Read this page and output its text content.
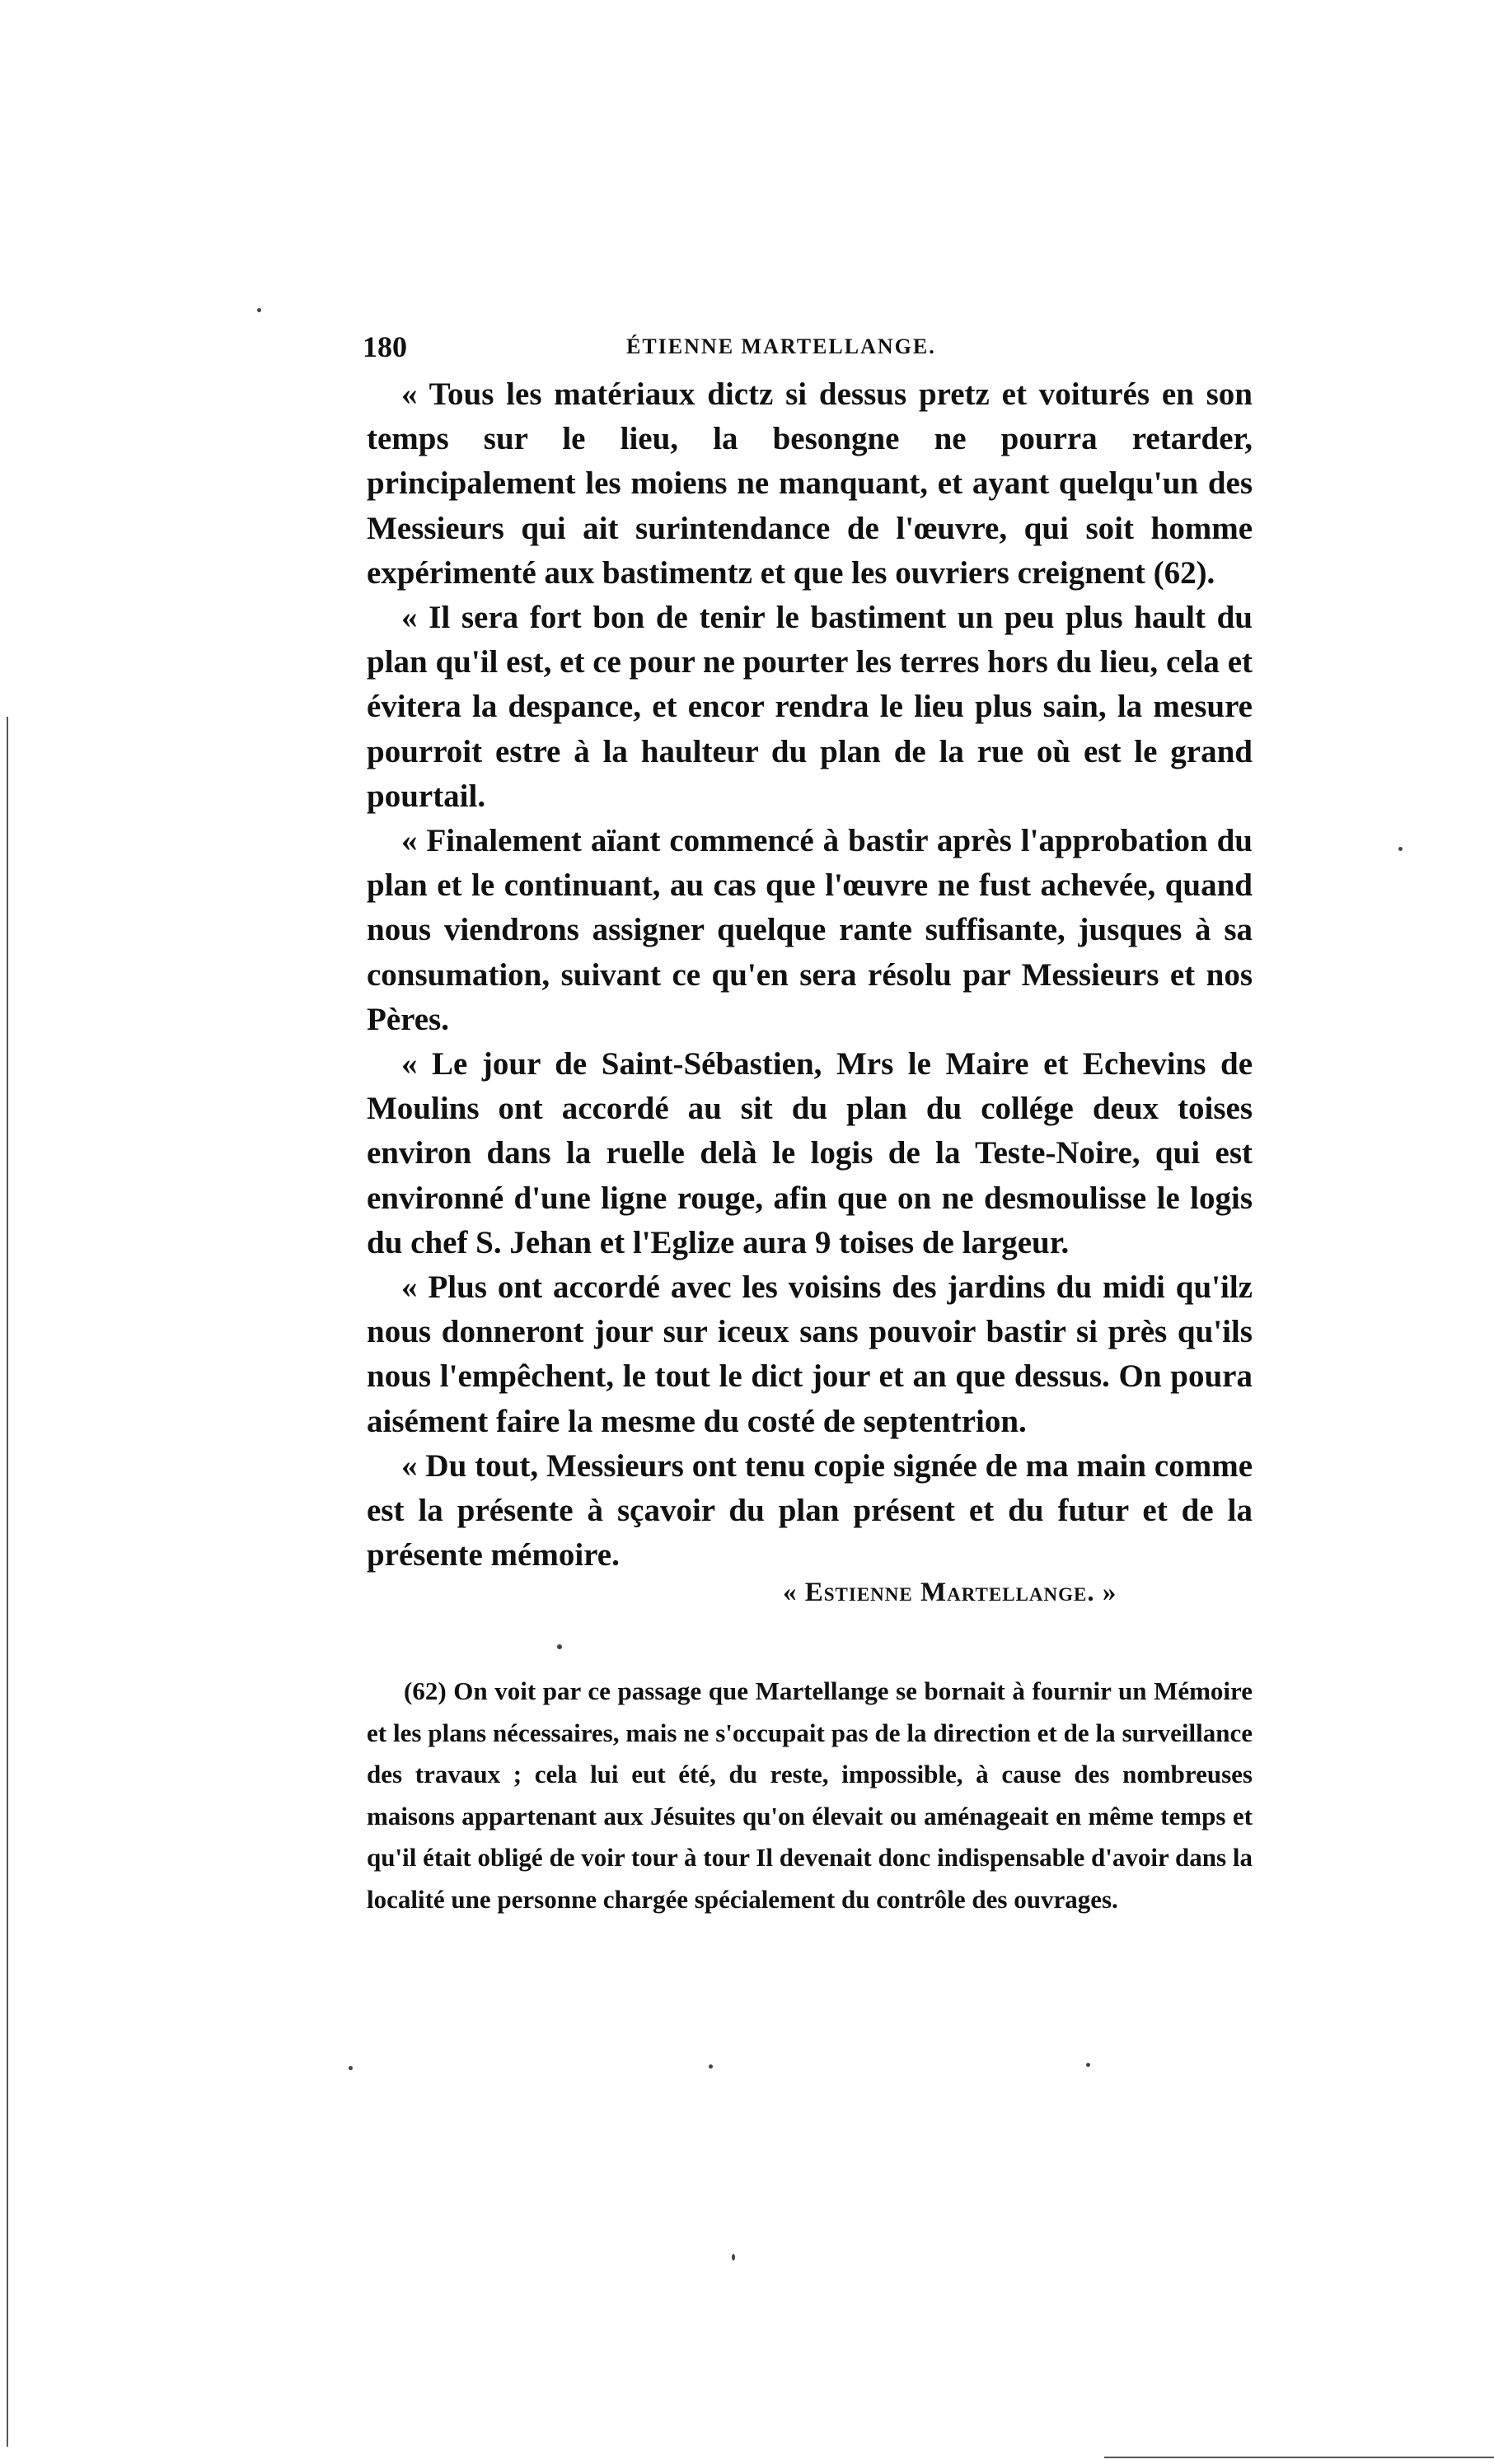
180	ÉTIENNE MARTELLANGE.

« Tous les matériaux dictz si dessus pretz et voiturés en son temps sur le lieu, la besongne ne pourra retarder, principalement les moiens ne manquant, et ayant quelqu'un des Messieurs qui ait surintendance de l'œuvre, qui soit homme expérimenté aux bastimentz et que les ouvriers creignent (62).

« Il sera fort bon de tenir le bastiment un peu plus hault du plan qu'il est, et ce pour ne pourter les terres hors du lieu, cela et évitera la despance, et encor rendra le lieu plus sain, la mesure pourroit estre à la haulteur du plan de la rue où est le grand pourtail.

« Finalement aïant commencé à bastir après l'approbation du plan et le continuant, au cas que l'œuvre ne fust achevée, quand nous viendrons assigner quelque rante suffisante, jusques à sa consumation, suivant ce qu'en sera résolu par Messieurs et nos Pères.

« Le jour de Saint-Sébastien, Mrs le Maire et Echevins de Moulins ont accordé au sit du plan du collége deux toises environ dans la ruelle delà le logis de la Teste-Noire, qui est environné d'une ligne rouge, afin que on ne desmoulisse le logis du chef S. Jehan et l'Eglize aura 9 toises de largeur.

« Plus ont accordé avec les voisins des jardins du midi qu'ilz nous donneront jour sur iceux sans pouvoir bastir si près qu'ils nous l'empêchent, le tout le dict jour et an que dessus. On poura aisément faire la mesme du costé de septentrion.

« Du tout, Messieurs ont tenu copie signée de ma main comme est la présente à sçavoir du plan présent et du futur et de la présente mémoire.

« Estienne Martellange. »

(62) On voit par ce passage que Martellange se bornait à fournir un Mémoire et les plans nécessaires, mais ne s'occupait pas de la direction et de la surveillance des travaux ; cela lui eut été, du reste, impossible, à cause des nombreuses maisons appartenant aux Jésuites qu'on élevait ou aménageait en même temps et qu'il était obligé de voir tour à tour Il devenait donc indispensable d'avoir dans la localité une personne chargée spécialement du contrôle des ouvrages.
